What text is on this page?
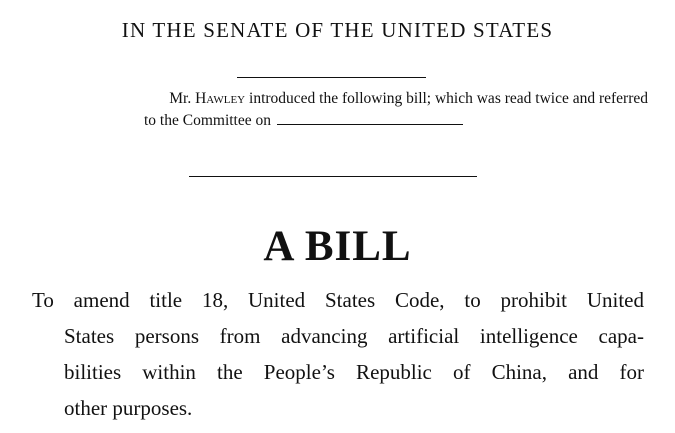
IN THE SENATE OF THE UNITED STATES
Mr. Hawley introduced the following bill; which was read twice and referred
to the Committee on
A BILL
To amend title 18, United States Code, to prohibit United
States persons from advancing artificial intelligence capa-
bilities within the People’s Republic of China, and for
other purposes.
